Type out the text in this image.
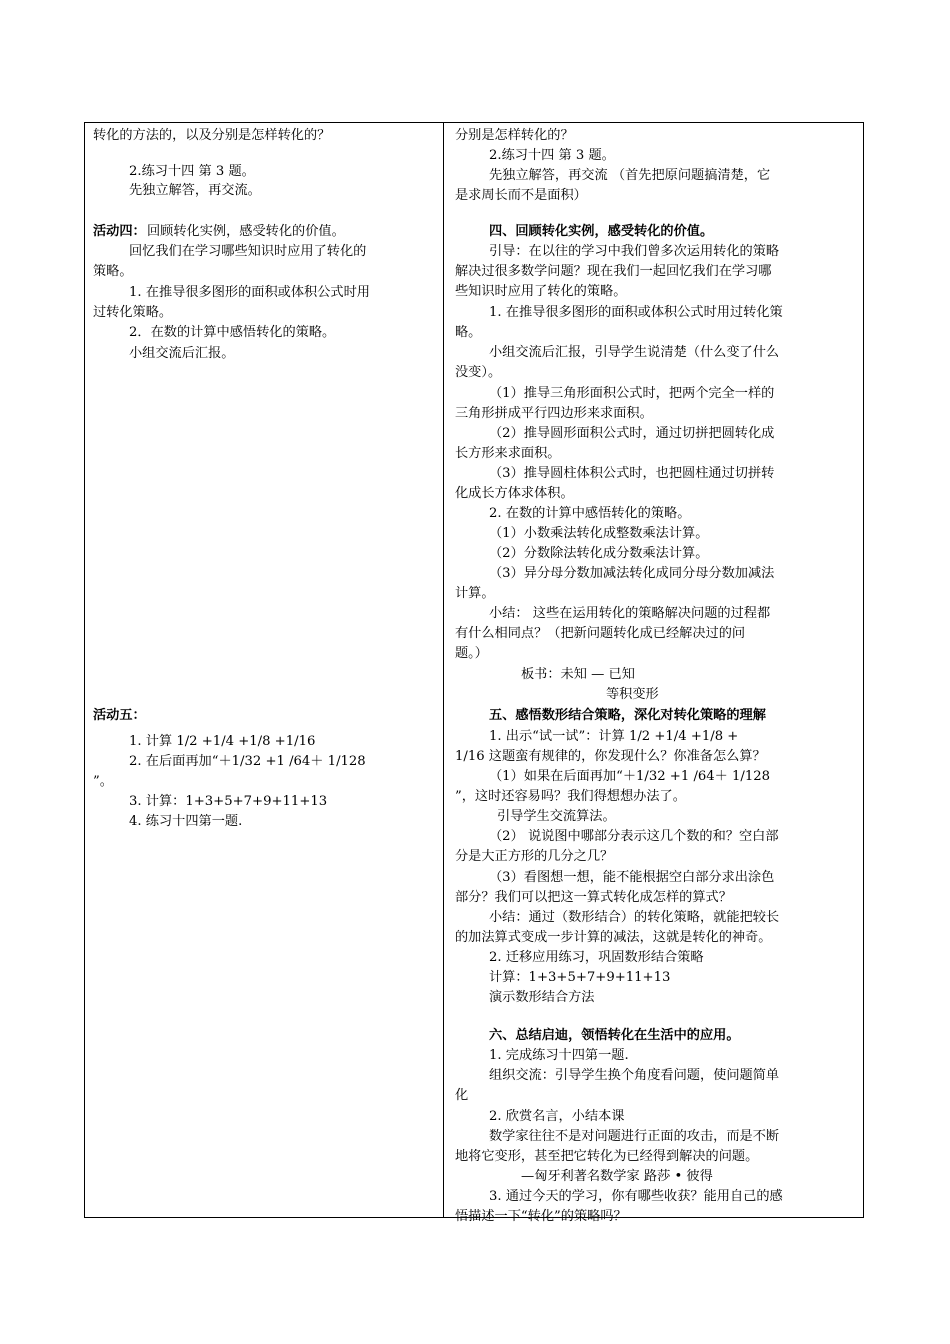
转化的方法的，以及分别是怎样转化的？
2.练习十四 第 3 题。
先独立解答，再交流。
活动四： 回顾转化实例，感受转化的价值。
回忆我们在学习哪些知识时应用了转化的
策略。
1. 在推导很多图形的面积或体积公式时用
过转化策略。
2．在数的计算中感悟转化的策略。
小组交流后汇报。
活动五：
1. 计算 1/2 +1/4 +1/8 +1/16
2. 在后面再加“＋1/32 +1 /64＋ 1/128
”。
3. 计算：1+3+5+7+9+11+13
4. 练习十四第一题.
分别是怎样转化的？
2.练习十四 第 3 题。
先独立解答，再交流 （首先把原问题搞清楚，它
是求周长而不是面积）
四、回顾转化实例，感受转化的价值。
引导：在以往的学习中我们曾多次运用转化的策略
解决过很多数学问题？现在我们一起回忆我们在学习哪
些知识时应用了转化的策略。
1. 在推导很多图形的面积或体积公式时用过转化策
略。
小组交流后汇报，引导学生说清楚（什么变了什么
没变）。
（1）推导三角形面积公式时，把两个完全一样的
三角形拼成平行四边形来求面积。
（2）推导圆形面积公式时，通过切拼把圆转化成
长方形来求面积。
（3）推导圆柱体积公式时，也把圆柱通过切拼转
化成长方体求体积。
2. 在数的计算中感悟转化的策略。
（1）小数乘法转化成整数乘法计算。
（2）分数除法转化成分数乘法计算。
（3）异分母分数加减法转化成同分母分数加减法
计算。
小结： 这些在运用转化的策略解决问题的过程都
有什么相同点？（把新问题转化成已经解决过的问
题。）
板书：未知 — 已知
等积变形
五、感悟数形结合策略，深化对转化策略的理解
1. 出示“试一试”：计算 1/2 +1/4 +1/8 +
1/16 这题蛮有规律的，你发现什么？你准备怎么算？
（1）如果在后面再加“＋1/32 +1 /64＋ 1/128
”，这时还容易吗？我们得想想办法了。
引导学生交流算法。
（2） 说说图中哪部分表示这几个数的和？空白部
分是大正方形的几分之几？
（3）看图想一想，能不能根据空白部分求出涂色
部分？我们可以把这一算式转化成怎样的算式？
小结：通过（数形结合）的转化策略，就能把较长
的加法算式变成一步计算的减法，这就是转化的神奇。
2. 迁移应用练习，巩固数形结合策略
计算：1+3+5+7+9+11+13
演示数形结合方法
六、总结启迪，领悟转化在生活中的应用。
1. 完成练习十四第一题.
组织交流：引导学生换个角度看问题，使问题简单
化
2. 欣赏名言，小结本课
数学家往往不是对问题进行正面的攻击，而是不断
地将它变形，甚至把它转化为已经得到解决的问题。
—匈牙利著名数学家 路莎 • 彼得
3. 通过今天的学习，你有哪些收获？能用自己的感
悟描述一下“转化”的策略吗？
